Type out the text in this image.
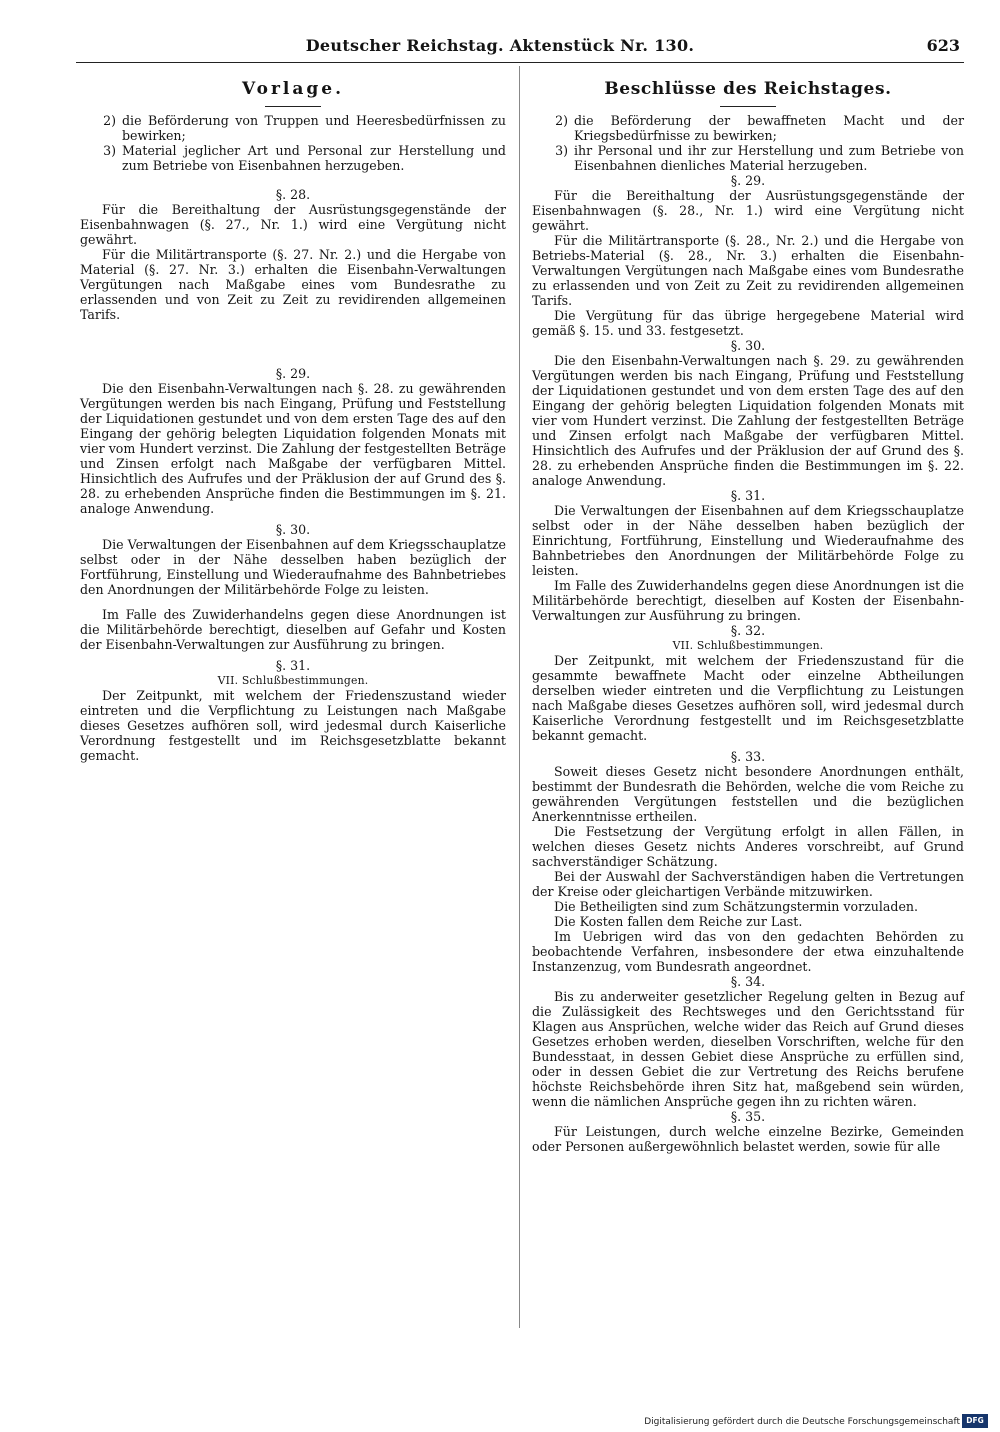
Deutscher Reichstag. Aktenstück Nr. 130.	623
Vorlage.
2) die Beförderung von Truppen und Heeresbedürfnissen zu bewirken;
3) Material jeglicher Art und Personal zur Herstellung und zum Betriebe von Eisenbahnen herzugeben.
§. 28.

Für die Bereithaltung der Ausrüstungsgegenstände der Eisenbahnwagen (§. 27., Nr. 1.) wird eine Vergütung nicht gewährt.

Für die Militärtransporte (§. 27. Nr. 2.) und die Hergabe von Material (§. 27. Nr. 3.) erhalten die Eisenbahn-Verwaltungen Vergütungen nach Maßgabe eines vom Bundesrathe zu erlassenden und von Zeit zu Zeit zu revidirenden allgemeinen Tarifs.

§. 29.

Die den Eisenbahn-Verwaltungen nach §. 28. zu gewährenden Vergütungen werden bis nach Eingang, Prüfung und Feststellung der Liquidationen gestundet und von dem ersten Tage des auf den Eingang der gehörig belegten Liquidation folgenden Monats mit vier vom Hundert verzinst. Die Zahlung der festgestellten Beträge und Zinsen erfolgt nach Maßgabe der verfügbaren Mittel. Hinsichtlich des Aufrufes und der Präklusion der auf Grund des §. 28. zu erhebenden Ansprüche finden die Bestimmungen im §. 21. analoge Anwendung.

§. 30.

Die Verwaltungen der Eisenbahnen auf dem Kriegsschauplatze selbst oder in der Nähe desselben haben bezüglich der Fortführung, Einstellung und Wiederaufnahme des Bahnbetriebes den Anordnungen der Militärbehörde Folge zu leisten.

Im Falle des Zuwiderhandelns gegen diese Anordnungen ist die Militärbehörde berechtigt, dieselben auf Gefahr und Kosten der Eisenbahn-Verwaltungen zur Ausführung zu bringen.

§. 31.
VII. Schlußbestimmungen.

Der Zeitpunkt, mit welchem der Friedenszustand wieder eintreten und die Verpflichtung zu Leistungen nach Maßgabe dieses Gesetzes aufhören soll, wird jedesmal durch Kaiserliche Verordnung festgestellt und im Reichsgesetzblatte bekannt gemacht.

Beschlüsse des Reichstages.
2) die Beförderung der bewaffneten Macht und der Kriegsbedürfnisse zu bewirken;
3) ihr Personal und ihr zur Herstellung und zum Betriebe von Eisenbahnen dienliches Material herzugeben.
§. 29.

Für die Bereithaltung der Ausrüstungsgegenstände der Eisenbahnwagen (§. 28., Nr. 1.) wird eine Vergütung nicht gewährt.

Für die Militärtransporte (§. 28., Nr. 2.) und die Hergabe von Betriebs-Material (§. 28., Nr. 3.) erhalten die Eisenbahn-Verwaltungen Vergütungen nach Maßgabe eines vom Bundesrathe zu erlassenden und von Zeit zu Zeit zu revidirenden allgemeinen Tarifs.

Die Vergütung für das übrige hergegebene Material wird gemäß §. 15. und 33. festgesetzt.

§. 30.

Die den Eisenbahn-Verwaltungen nach §. 29. zu gewährenden Vergütungen werden bis nach Eingang, Prüfung und Feststellung der Liquidationen gestundet und von dem ersten Tage des auf den Eingang der gehörig belegten Liquidation folgenden Monats mit vier vom Hundert verzinst. Die Zahlung der festgestellten Beträge und Zinsen erfolgt nach Maßgabe der verfügbaren Mittel. Hinsichtlich des Aufrufes und der Präklusion der auf Grund des §. 28. zu erhebenden Ansprüche finden die Bestimmungen im §. 22. analoge Anwendung.

§. 31.

Die Verwaltungen der Eisenbahnen auf dem Kriegsschauplatze selbst oder in der Nähe desselben haben bezüglich der Einrichtung, Fortführung, Einstellung und Wiederaufnahme des Bahnbetriebes den Anordnungen der Militärbehörde Folge zu leisten.

Im Falle des Zuwiderhandelns gegen diese Anordnungen ist die Militärbehörde berechtigt, dieselben auf Kosten der Eisenbahn-Verwaltungen zur Ausführung zu bringen.

§. 32.
VII. Schlußbestimmungen.

Der Zeitpunkt, mit welchem der Friedenszustand für die gesammte bewaffnete Macht oder einzelne Abtheilungen derselben wieder eintreten und die Verpflichtung zu Leistungen nach Maßgabe dieses Gesetzes aufhören soll, wird jedesmal durch Kaiserliche Verordnung festgestellt und im Reichsgesetzblatte bekannt gemacht.

§. 33.

Soweit dieses Gesetz nicht besondere Anordnungen enthält, bestimmt der Bundesrath die Behörden, welche die vom Reiche zu gewährenden Vergütungen feststellen und die bezüglichen Anerkenntnisse ertheilen.

Die Festsetzung der Vergütung erfolgt in allen Fällen, in welchen dieses Gesetz nichts Anderes vorschreibt, auf Grund sachverständiger Schätzung.

Bei der Auswahl der Sachverständigen haben die Vertretungen der Kreise oder gleichartigen Verbände mitzuwirken.

Die Betheiligten sind zum Schätzungstermin vorzuladen.

Die Kosten fallen dem Reiche zur Last.

Im Uebrigen wird das von den gedachten Behörden zu beobachtende Verfahren, insbesondere der etwa einzuhaltende Instanzenzug, vom Bundesrath angeordnet.

§. 34.

Bis zu anderweiter gesetzlicher Regelung gelten in Bezug auf die Zulässigkeit des Rechtsweges und den Gerichtsstand für Klagen aus Ansprüchen, welche wider das Reich auf Grund dieses Gesetzes erhoben werden, dieselben Vorschriften, welche für den Bundesstaat, in dessen Gebiet diese Ansprüche zu erfüllen sind, oder in dessen Gebiet die zur Vertretung des Reichs berufene höchste Reichsbehörde ihren Sitz hat, maßgebend sein würden, wenn die nämlichen Ansprüche gegen ihn zu richten wären.

§. 35.

Für Leistungen, durch welche einzelne Bezirke, Gemeinden oder Personen außergewöhnlich belastet werden, sowie für alle

Digitalisierung gefördert durch die Deutsche Forschungsgemeinschaft DFG
